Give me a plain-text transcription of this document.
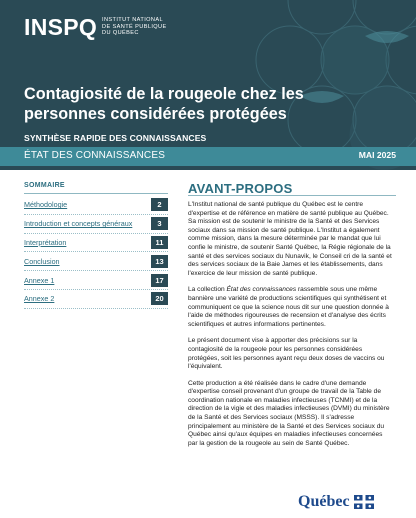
INSPQ INSTITUT NATIONAL
DE SANTÉ PUBLIQUE
DU QUÉBEC
Contagiosité de la rougeole chez les personnes considérées protégées
SYNTHÈSE RAPIDE DES CONNAISSANCES
ÉTAT DES CONNAISSANCES	MAI 2025
SOMMAIRE
Méthodologie	2
Introduction et concepts généraux	3
Interprétation	11
Conclusion	13
Annexe 1	17
Annexe 2	20
AVANT-PROPOS

L'Institut national de santé publique du Québec est le centre d'expertise et de référence en matière de santé publique au Québec. Sa mission est de soutenir le ministre de la Santé et des Services sociaux dans sa mission de santé publique. L'Institut a également comme mission, dans la mesure déterminée par le mandat que lui confie le ministre, de soutenir Santé Québec, la Régie régionale de la santé et des services sociaux du Nunavik, le Conseil cri de la santé et des services sociaux de la Baie James et les établissements, dans l'exercice de leur mission de santé publique.

La collection État des connaissances rassemble sous une même bannière une variété de productions scientifiques qui synthétisent et communiquent ce que la science nous dit sur une question donnée à l'aide de méthodes rigoureuses de recension et d'analyse des écrits scientifiques et autres informations pertinentes.

Le présent document vise à apporter des précisions sur la contagiosité de la rougeole pour les personnes considérées protégées, soit les personnes ayant reçu deux doses de vaccins ou l'équivalent.

Cette production a été réalisée dans le cadre d'une demande d'expertise conseil provenant d'un groupe de travail de la Table de coordination nationale en maladies infectieuses (TCNMI) et de la direction de la vigie et des maladies infectieuses (DVMI) du ministère de la Santé et des Services sociaux (MSSS). Il s'adresse principalement au ministère de la Santé et des Services sociaux du Québec ainsi qu'aux équipes en maladies infectieuses concernées par la gestion de la rougeole au sein de Santé Québec.

Québec
